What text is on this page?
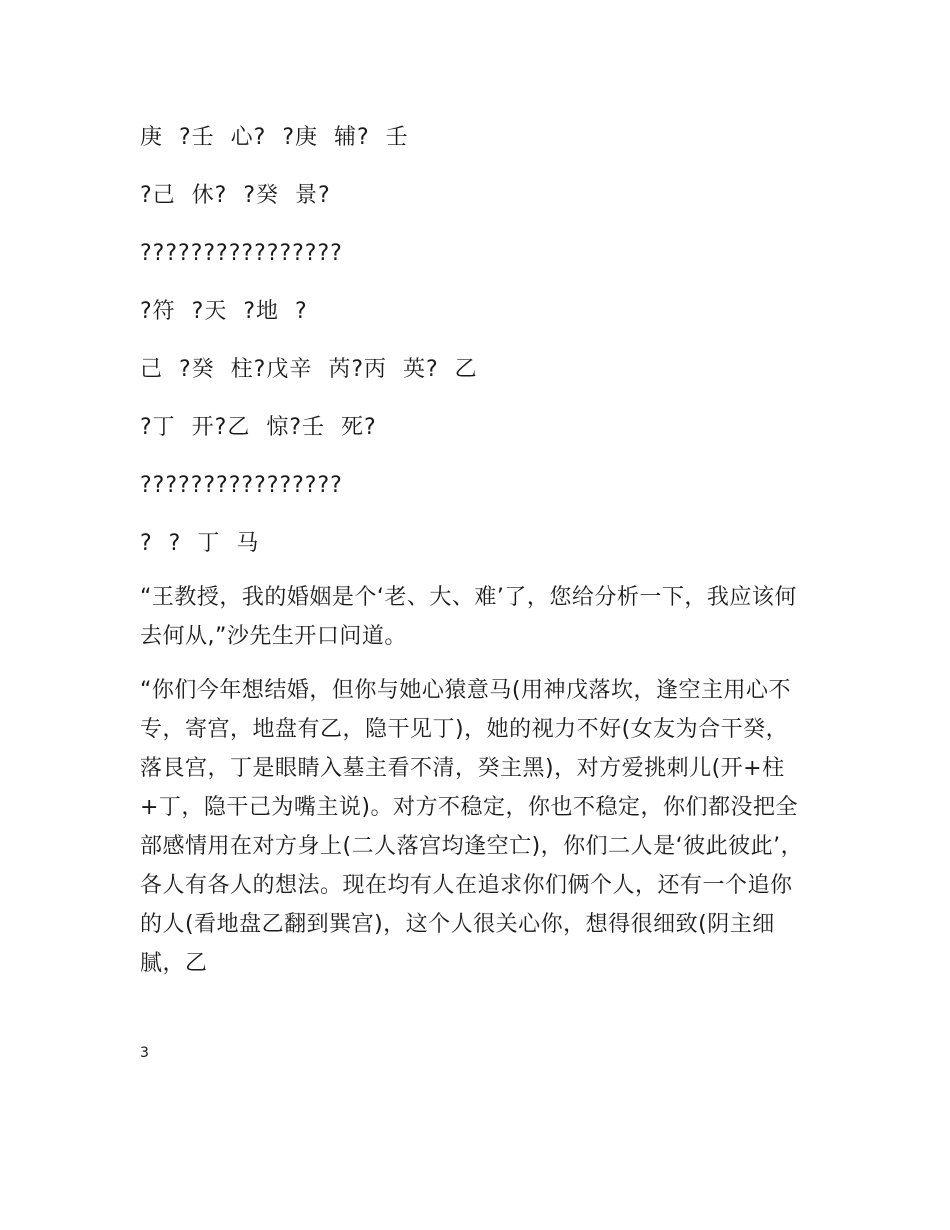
庚  ?壬  心?  ?庚  辅?  壬
?己  休?  ?癸  景?
????????????????
?符  ?天  ?地  ?
己  ?癸  柱?戊辛  芮?丙  英?  乙
?丁  开?乙  惊?壬  死?
????????????????
?  ?  丁  马

“王教授，我的婚姻是个‘老、大、难’了，您给分析一下，我应该何去何从,”沙先生开口问道。

“你们今年想结婚，但你与她心猿意马(用神戊落坎，逢空主用心不专，寄宫，地盘有乙，隐干见丁)，她的视力不好(女友为合干癸，落艮宫，丁是眼睛入墓主看不清，癸主黑)，对方爱挑刺儿(开+柱+丁，隐干己为嘴主说)。对方不稳定，你也不稳定，你们都没把全部感情用在对方身上(二人落宫均逢空亡)，你们二人是‘彼此彼此’，各人有各人的想法。现在均有人在追求你们俩个人，还有一个追你的人(看地盘乙翻到巽宫)，这个人很关心你，想得很细致(阴主细腻，乙

3
